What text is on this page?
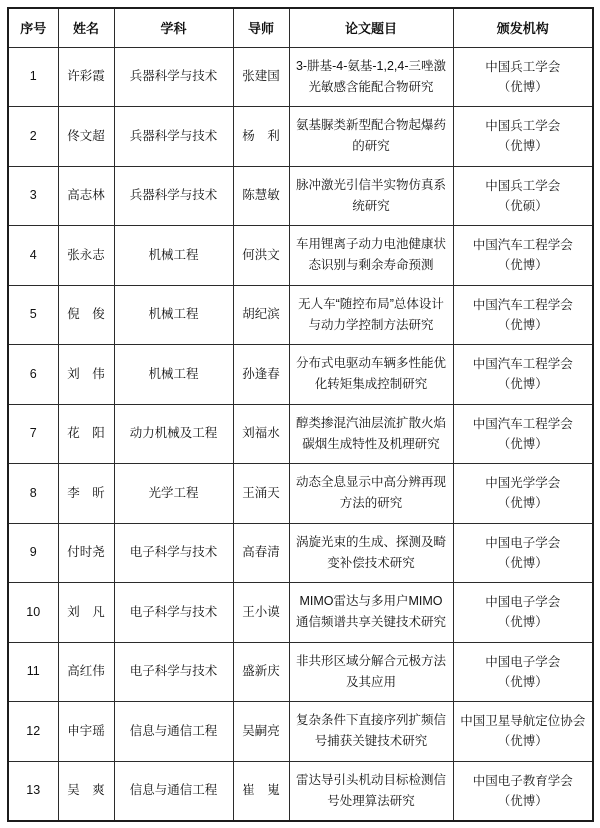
序号	姓名	学科	导师	论文题目	颁发机构
1	许彩霞	兵器科学与技术	张建国	3-肼基-4-氨基-1,2,4-三唑激光敏感含能配合物研究	中国兵工学会
（优博）

2	佟文超	兵器科学与技术	杨　利	氨基脲类新型配合物起爆药的研究	中国兵工学会
（优博）

3	高志林	兵器科学与技术	陈慧敏	脉冲激光引信半实物仿真系统研究	中国兵工学会
（优硕）

4	张永志	机械工程	何洪文	车用锂离子动力电池健康状态识别与剩余寿命预测	中国汽车工程学会
（优博）

5	倪　俊	机械工程	胡纪滨	无人车“随控布局”总体设计与动力学控制方法研究	中国汽车工程学会
（优博）

6	刘　伟	机械工程	孙逢春	分布式电驱动车辆多性能优化转矩集成控制研究	中国汽车工程学会
（优博）

7	花　阳	动力机械及工程	刘福水	醇类掺混汽油层流扩散火焰碳烟生成特性及机理研究	中国汽车工程学会
（优博）

8	李　昕	光学工程	王涌天	动态全息显示中高分辨再现方法的研究	中国光学学会
（优博）

9	付时尧	电子科学与技术	高春清	涡旋光束的生成、探测及畸变补偿技术研究	中国电子学会
（优博）

10	刘　凡	电子科学与技术	王小谟	MIMO雷达与多用户MIMO通信频谱共享关键技术研究	中国电子学会
（优博）

11	高红伟	电子科学与技术	盛新庆	非共形区域分解合元极方法及其应用	中国电子学会
（优博）

12	申宇瑶	信息与通信工程	吴嗣亮	复杂条件下直接序列扩频信号捕获关键技术研究	中国卫星导航定位协会
（优博）

13	吴　爽	信息与通信工程	崔　嵬	雷达导引头机动目标检测信号处理算法研究	中国电子教育学会
（优博）
